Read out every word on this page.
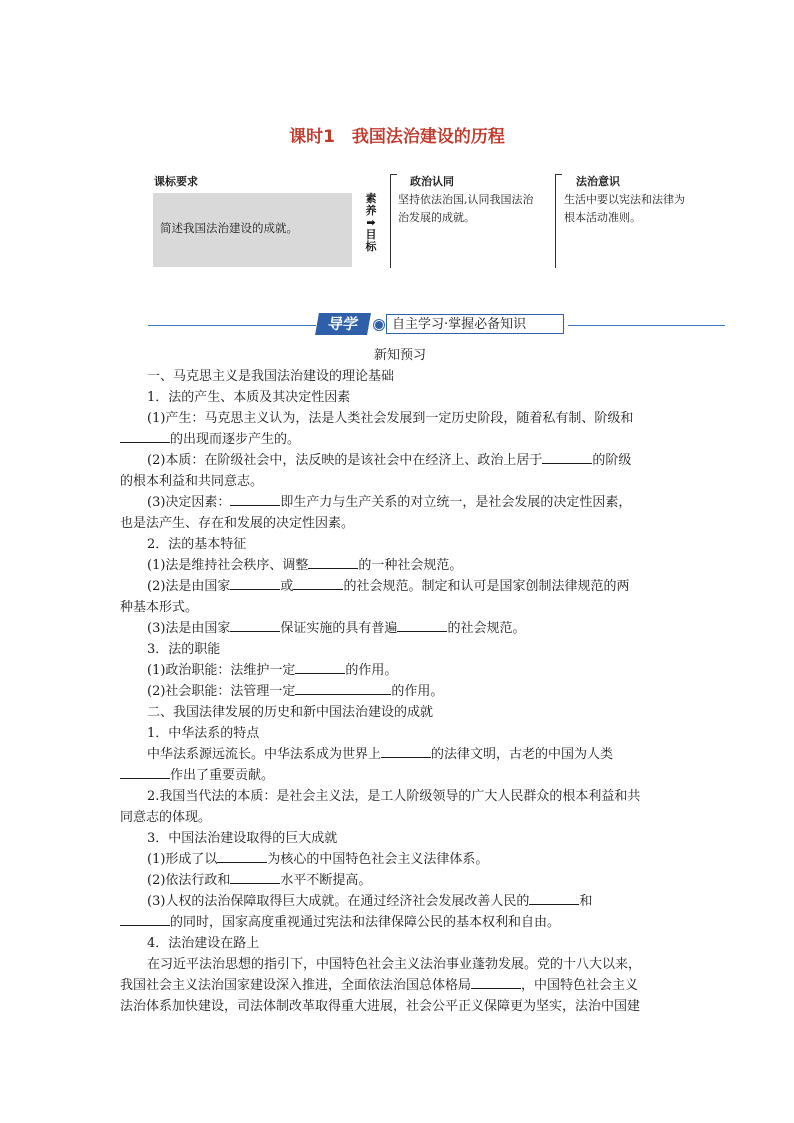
课时1　我国法治建设的历程
课标要求
简述我国法治建设的成就。
素
养
➡
目
标
政治认同
坚持依法治国,认同我国法治
治发展的成就。
法治意识
生活中要以宪法和法律为
根本活动准则。
导学	自主学习·掌握必备知识

新知预习

一、马克思主义是我国法治建设的理论基础

1．法的产生、本质及其决定性因素

(1)产生：马克思主义认为，法是人类社会发展到一定历史阶段，随着私有制、阶级和

的出现而逐步产生的。

(2)本质：在阶级社会中，法反映的是该社会中在经济上、政治上居于	的阶级

的根本利益和共同意志。

(3)决定因素：	即生产力与生产关系的对立统一，是社会发展的决定性因素，

也是法产生、存在和发展的决定性因素。

2．法的基本特征

(1)法是维持社会秩序、调整	的一种社会规范。

(2)法是由国家	或	的社会规范。制定和认可是国家创制法律规范的两

种基本形式。

(3)法是由国家	保证实施的具有普遍	的社会规范。

3．法的职能

(1)政治职能：法维护一定	的作用。

(2)社会职能：法管理一定	的作用。

二、我国法律发展的历史和新中国法治建设的成就

1．中华法系的特点

中华法系源远流长。中华法系成为世界上	的法律文明，古老的中国为人类

作出了重要贡献。

2.我国当代法的本质：是社会主义法，是工人阶级领导的广大人民群众的根本利益和共

同意志的体现。

3．中国法治建设取得的巨大成就

(1)形成了以	为核心的中国特色社会主义法律体系。

(2)依法行政和	水平不断提高。

(3)人权的法治保障取得巨大成就。在通过经济社会发展改善人民的	和

的同时，国家高度重视通过宪法和法律保障公民的基本权利和自由。

4．法治建设在路上

在习近平法治思想的指引下，中国特色社会主义法治事业蓬勃发展。党的十八大以来，

我国社会主义法治国家建设深入推进，全面依法治国总体格局	，中国特色社会主义

法治体系加快建设，司法体制改革取得重大进展，社会公平正义保障更为坚实，法治中国建
